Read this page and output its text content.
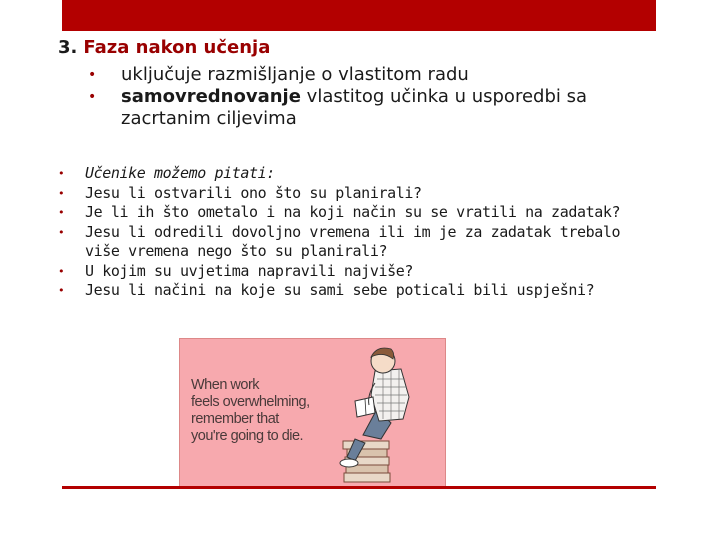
3. Faza nakon učenja
• uključuje razmišljanje o vlastitom radu
• samovrednovanje vlastitog učinka u usporedbi sa zacrtanim ciljevima
• Učenike možemo pitati:
• Jesu li ostvarili ono što su planirali?
• Je li ih što ometalo i na koji način su se vratili na zadatak?
• Jesu li odredili dovoljno vremena ili im je za zadatak trebalo više vremena nego što su planirali?
• U kojim su uvjetima napravili najviše?
• Jesu li načini na koje su sami sebe poticali bili uspješni?
When work
feels overwhelming,
remember that
you're going to die.
